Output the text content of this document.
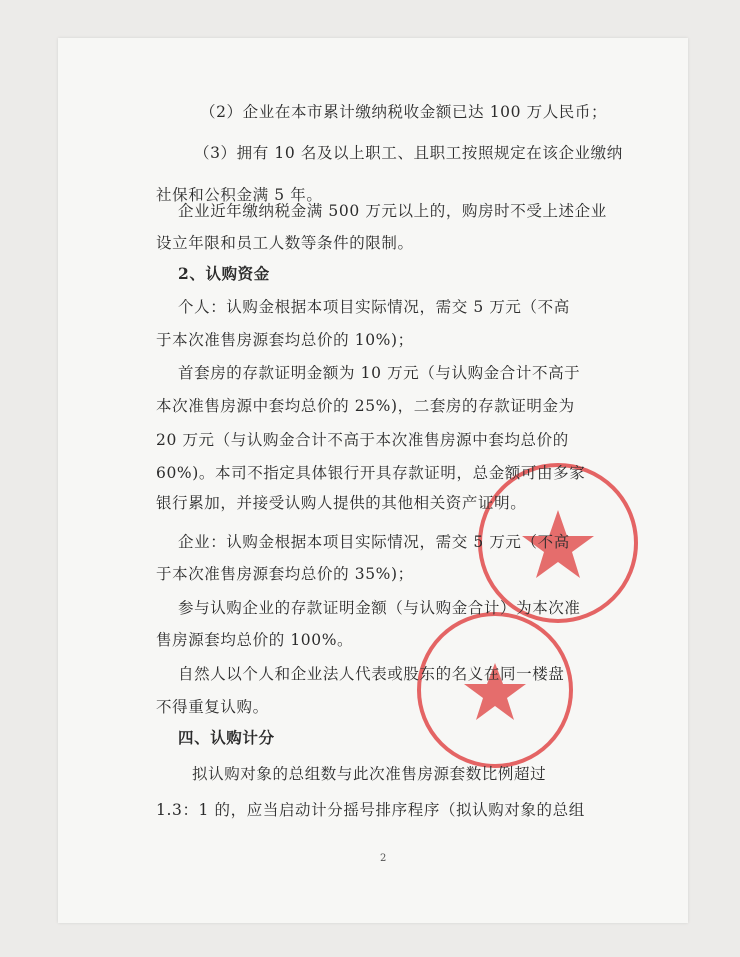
（2）企业在本市累计缴纳税收金额已达 100 万人民币；
（3）拥有 10 名及以上职工、且职工按照规定在该企业缴纳
社保和公积金满 5 年。
企业近年缴纳税金满 500 万元以上的，购房时不受上述企业
设立年限和员工人数等条件的限制。
2、认购资金
个人：认购金根据本项目实际情况，需交 5 万元（不高
于本次准售房源套均总价的 10%)；
首套房的存款证明金额为 10 万元（与认购金合计不高于
本次准售房源中套均总价的 25%)，二套房的存款证明金为
20 万元（与认购金合计不高于本次准售房源中套均总价的
60%)。本司不指定具体银行开具存款证明，总金额可由多家
银行累加，并接受认购人提供的其他相关资产证明。
企业：认购金根据本项目实际情况，需交 5 万元（不高
于本次准售房源套均总价的 35%)；
参与认购企业的存款证明金额（与认购金合计）为本次准
售房源套均总价的 100%。
自然人以个人和企业法人代表或股东的名义在同一楼盘
不得重复认购。
四、认购计分
拟认购对象的总组数与此次准售房源套数比例超过
1.3：1 的，应当启动计分摇号排序程序（拟认购对象的总组
2
